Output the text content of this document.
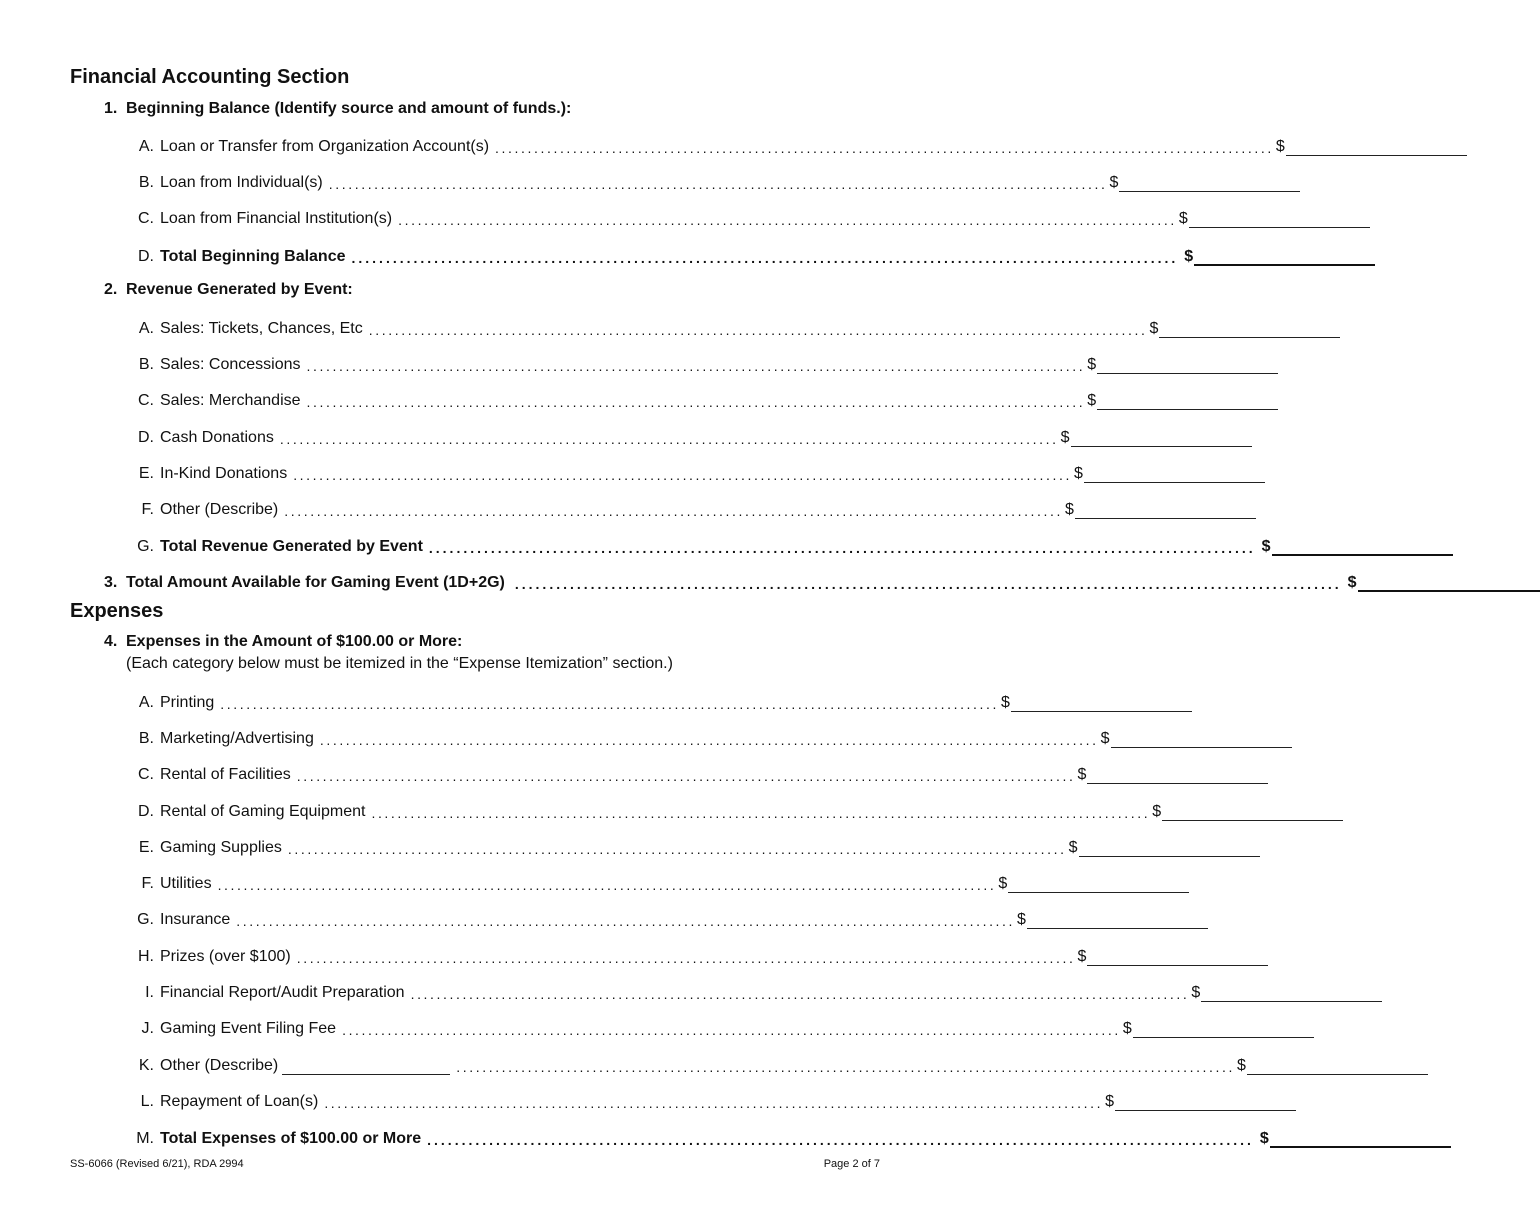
Financial Accounting Section
1. Beginning Balance (Identify source and amount of funds.):
A. Loan or Transfer from Organization Account(s) ........................................................................................................................ $
B. Loan from Individual(s) ........................................................................................................................ $
C. Loan from Financial Institution(s) ........................................................................................................................ $
D. Total Beginning Balance ........................................................................................................................ $
2. Revenue Generated by Event:
A. Sales: Tickets, Chances, Etc ........................................................................................................................ $
B. Sales: Concessions ........................................................................................................................ $
C. Sales: Merchandise ........................................................................................................................ $
D. Cash Donations ........................................................................................................................ $
E. In-Kind Donations ........................................................................................................................ $
F. Other (Describe) ........................................................................................................................ $
G. Total Revenue Generated by Event ........................................................................................................................ $
3. Total Amount Available for Gaming Event (1D+2G) ........................................................................................................................ $
Expenses
4. Expenses in the Amount of $100.00 or More:
(Each category below must be itemized in the “Expense Itemization” section.)
A. Printing ........................................................................................................................ $
B. Marketing/Advertising ........................................................................................................................ $
C. Rental of Facilities ........................................................................................................................ $
D. Rental of Gaming Equipment ........................................................................................................................ $
E. Gaming Supplies ........................................................................................................................ $
F. Utilities ........................................................................................................................ $
G. Insurance ........................................................................................................................ $
H. Prizes (over $100) ........................................................................................................................ $
I. Financial Report/Audit Preparation ........................................................................................................................ $
J. Gaming Event Filing Fee ........................................................................................................................ $
K. Other (Describe)	........................................................................................................................ $
L. Repayment of Loan(s) ........................................................................................................................ $
M. Total Expenses of $100.00 or More ........................................................................................................................ $
SS-6066 (Revised 6/21), RDA 2994	Page 2 of 7
